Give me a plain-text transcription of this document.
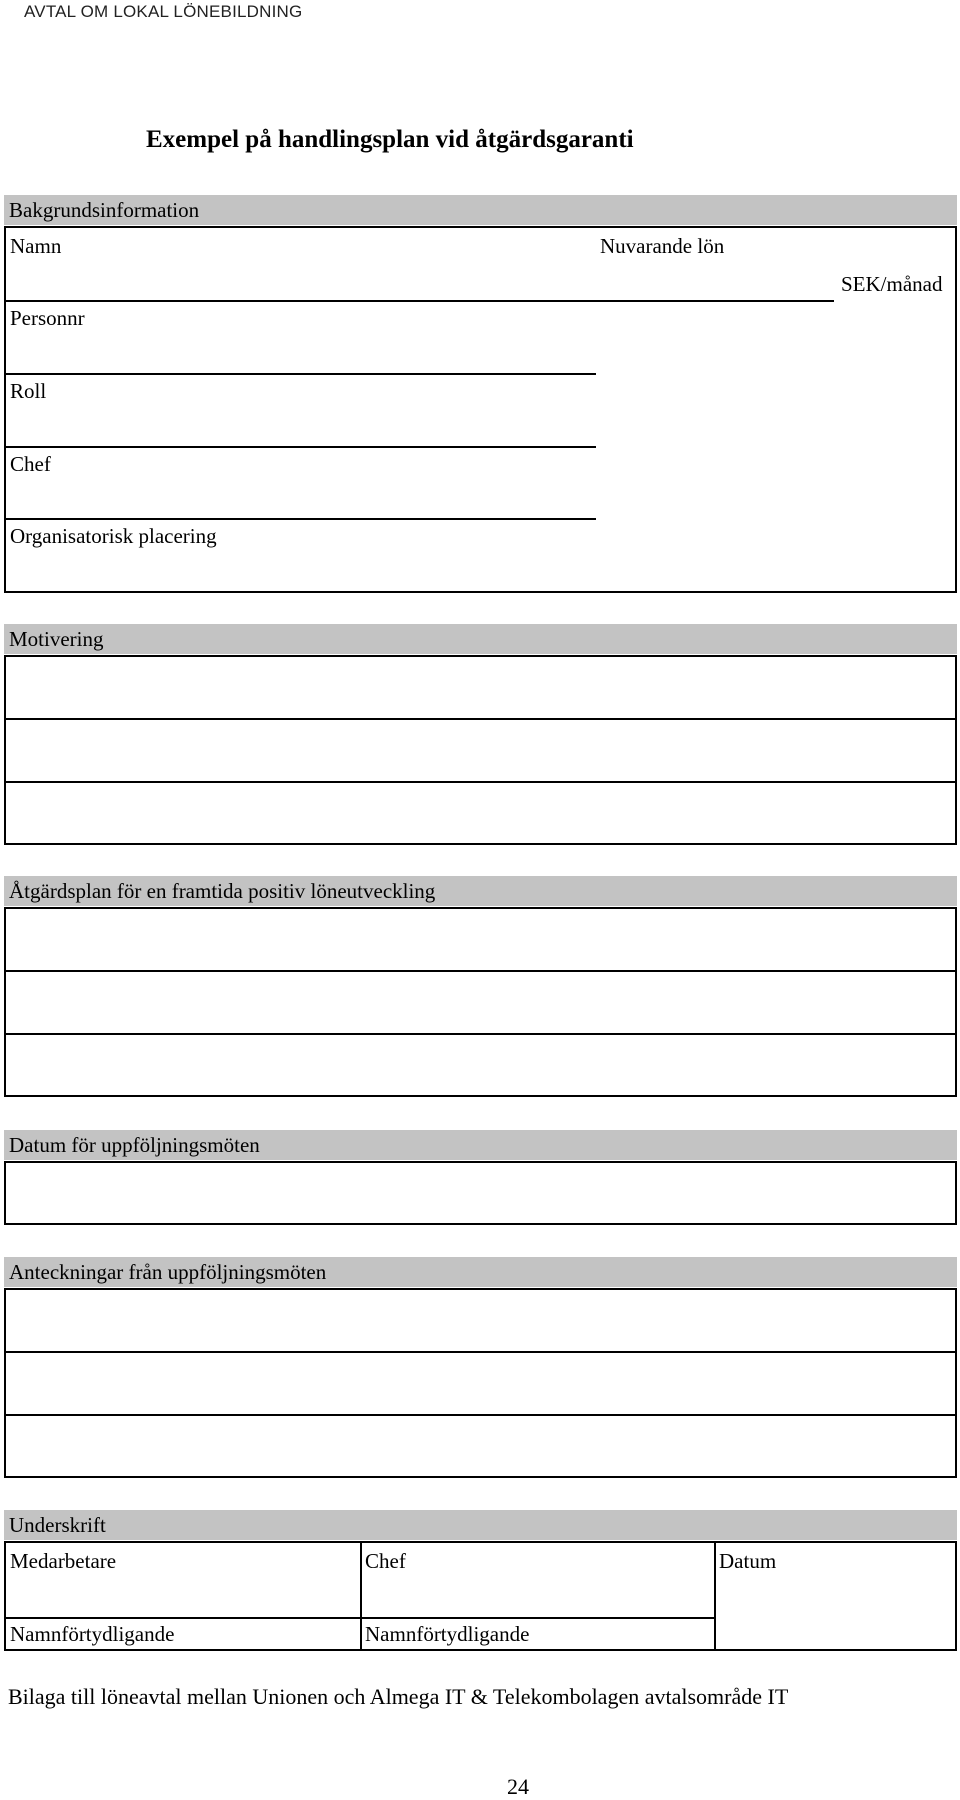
AVTAL OM LOKAL LÖNEBILDNING
Exempel på handlingsplan vid åtgärdsgaranti
Bakgrundsinformation
Namn	Nuvarande lön
SEK/månad
Personnr
Roll
Chef
Organisatorisk placering
Motivering
Åtgärdsplan för en framtida positiv löneutveckling
Datum för uppföljningsmöten
Anteckningar från uppföljningsmöten
Underskrift
Medarbetare	Chef	Datum
Namnförtydligande	Namnförtydligande
Bilaga till löneavtal mellan Unionen och Almega IT & Telekombolagen avtalsområde IT
24
